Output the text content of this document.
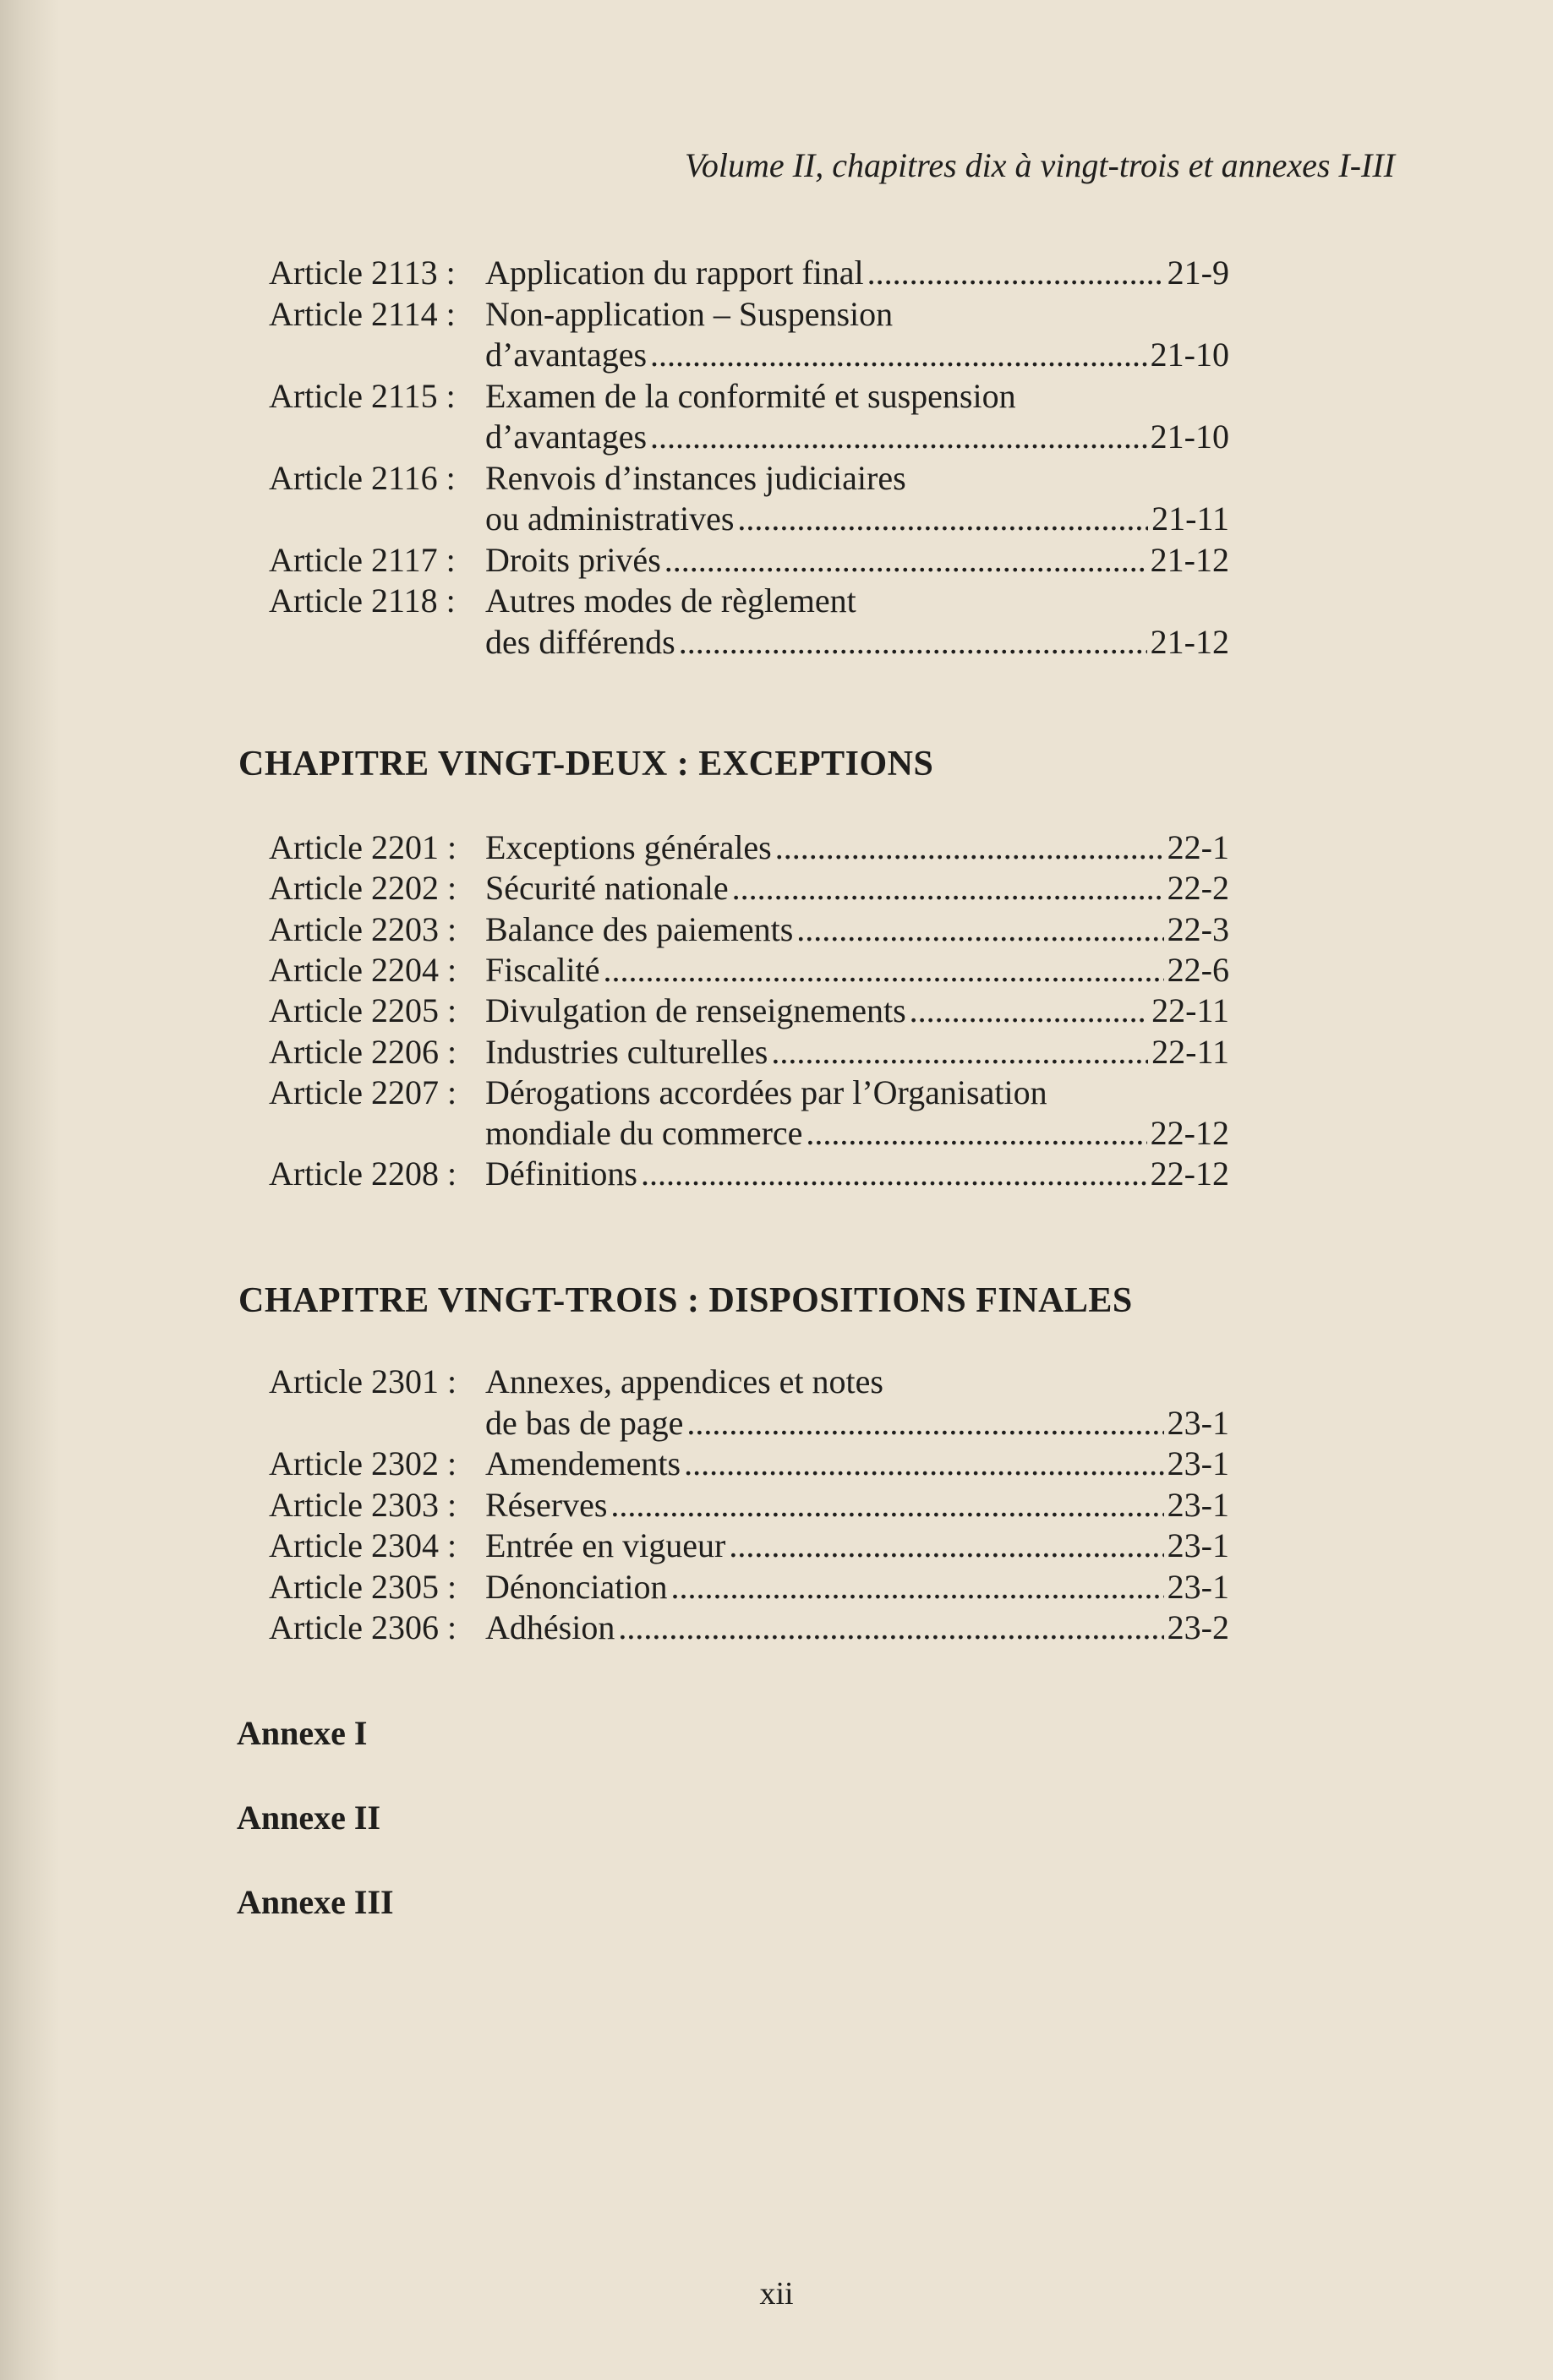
Volume II, chapitres dix à vingt-trois et annexes I-III
Article 2113 : Application du rapport final . . .	21-9
Article 2114 : Non-application – Suspension
d’avantages . . .	21-10
Article 2115 : Examen de la conformité et suspension
d’avantages . . .	21-10
Article 2116 : Renvois d’instances judiciaires
ou administratives . . .	21-11
Article 2117 : Droits privés . . .	21-12
Article 2118 : Autres modes de règlement
des différends . . .	21-12
Article 2201 : Exceptions générales . . .	22-1
Article 2202 : Sécurité nationale . . .	22-2
Article 2203 : Balance des paiements . . .	22-3
Article 2204 : Fiscalité . . .	22-6
Article 2205 : Divulgation de renseignements . . .	22-11
Article 2206 : Industries culturelles . . .	22-11
Article 2207 : Dérogations accordées par l’Organisation
mondiale du commerce . . .	22-12
Article 2208 : Définitions . . .	22-12
Article 2301 : Annexes, appendices et notes
de bas de page . . .	23-1
Article 2302 : Amendements . . .	23-1
Article 2303 : Réserves . . .	23-1
Article 2304 : Entrée en vigueur . . .	23-1
Article 2305 : Dénonciation . . .	23-1
Article 2306 : Adhésion . . .	23-2
CHAPITRE VINGT-DEUX : EXCEPTIONS
CHAPITRE VINGT-TROIS : DISPOSITIONS FINALES
Annexe I
Annexe II
Annexe III
xii
